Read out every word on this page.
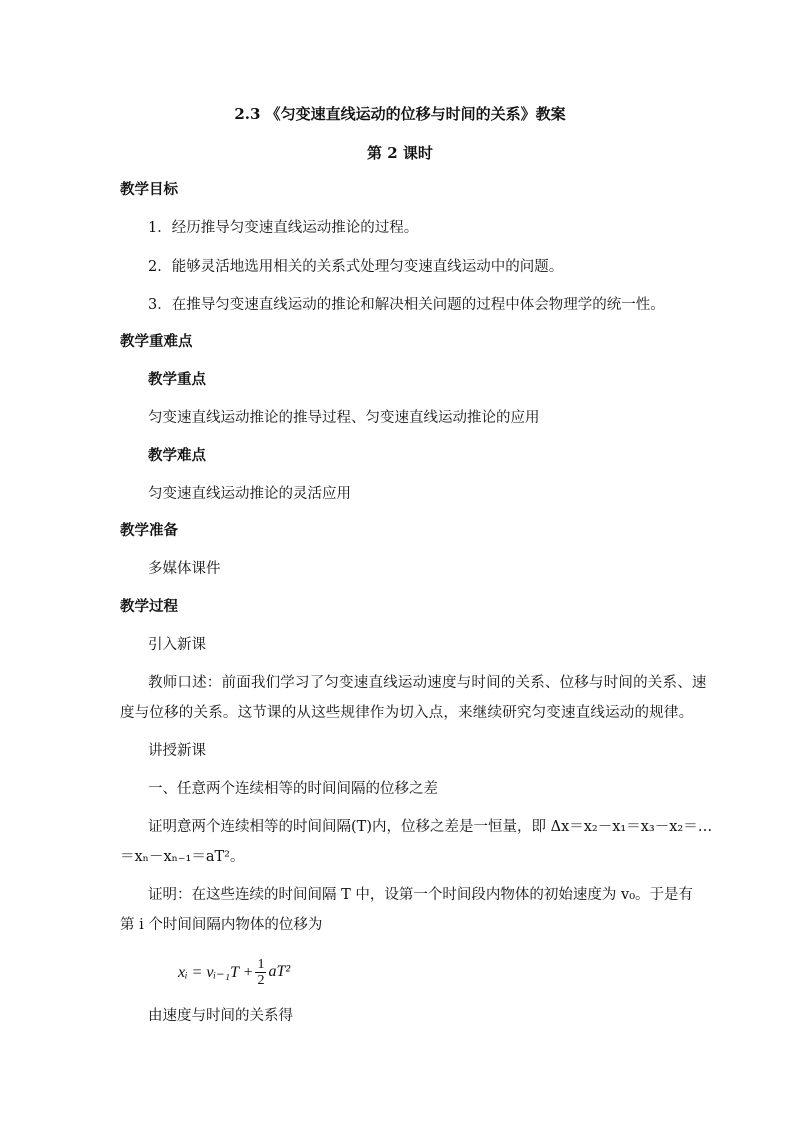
2.3 《匀变速直线运动的位移与时间的关系》教案
第 2 课时
教学目标
1．经历推导匀变速直线运动推论的过程。
2．能够灵活地选用相关的关系式处理匀变速直线运动中的问题。
3．在推导匀变速直线运动的推论和解决相关问题的过程中体会物理学的统一性。
教学重难点
教学重点
匀变速直线运动推论的推导过程、匀变速直线运动推论的应用
教学难点
匀变速直线运动推论的灵活应用
教学准备
多媒体课件
教学过程
引入新课
教师口述：前面我们学习了匀变速直线运动速度与时间的关系、位移与时间的关系、速
度与位移的关系。这节课的从这些规律作为切入点，来继续研究匀变速直线运动的规律。
讲授新课
一、任意两个连续相等的时间间隔的位移之差
证明意两个连续相等的时间间隔(T)内，位移之差是一恒量，即 Δx＝x₂－x₁＝x₃－x₂＝…
＝xₙ－xₙ₋₁＝aT²。
证明：在这些连续的时间间隔 T 中，设第一个时间段内物体的初始速度为 v₀。于是有
第 i 个时间间隔内物体的位移为
xᵢ = vᵢ₋₁T + $\frac{1}{2} aT^2$
由速度与时间的关系得
